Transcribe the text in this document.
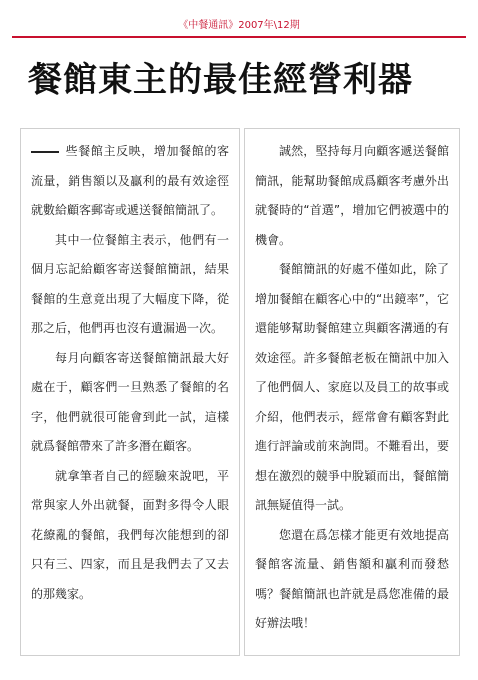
《中餐通訊》2007年\12期
餐館東主的最佳經營利器

些餐館主反映，增加餐館的客流量，銷售額以及贏利的最有效途徑就數給顧客郵寄或遞送餐館簡訊了。

其中一位餐館主表示，他們有一個月忘記給顧客寄送餐館簡訊，結果餐館的生意竟出現了大幅度下降，從那之后，他們再也沒有遺漏過一次。

每月向顧客寄送餐館簡訊最大好處在于，顧客們一旦熟悉了餐館的名字，他們就很可能會到此一試，這樣就爲餐館帶來了許多潛在顧客。

就拿筆者自己的經驗來說吧，平常與家人外出就餐，面對多得令人眼花繚亂的餐館，我們每次能想到的卻只有三、四家，而且是我們去了又去的那幾家。

誠然，堅持每月向顧客遞送餐館簡訊，能幫助餐館成爲顧客考慮外出就餐時的“首選”，增加它們被選中的機會。

餐館簡訊的好處不僅如此，除了增加餐館在顧客心中的“出鏡率”，它還能够幫助餐館建立與顧客溝通的有效途徑。許多餐館老板在簡訊中加入了他們個人、家庭以及員工的故事或介紹，他們表示，經常會有顧客對此進行評論或前來詢問。不難看出，要想在激烈的競爭中脫穎而出，餐館簡訊無疑值得一試。

您還在爲怎樣才能更有效地提高餐館客流量、銷售額和贏利而發愁嗎？餐館簡訊也許就是爲您准備的最好辦法哦！
